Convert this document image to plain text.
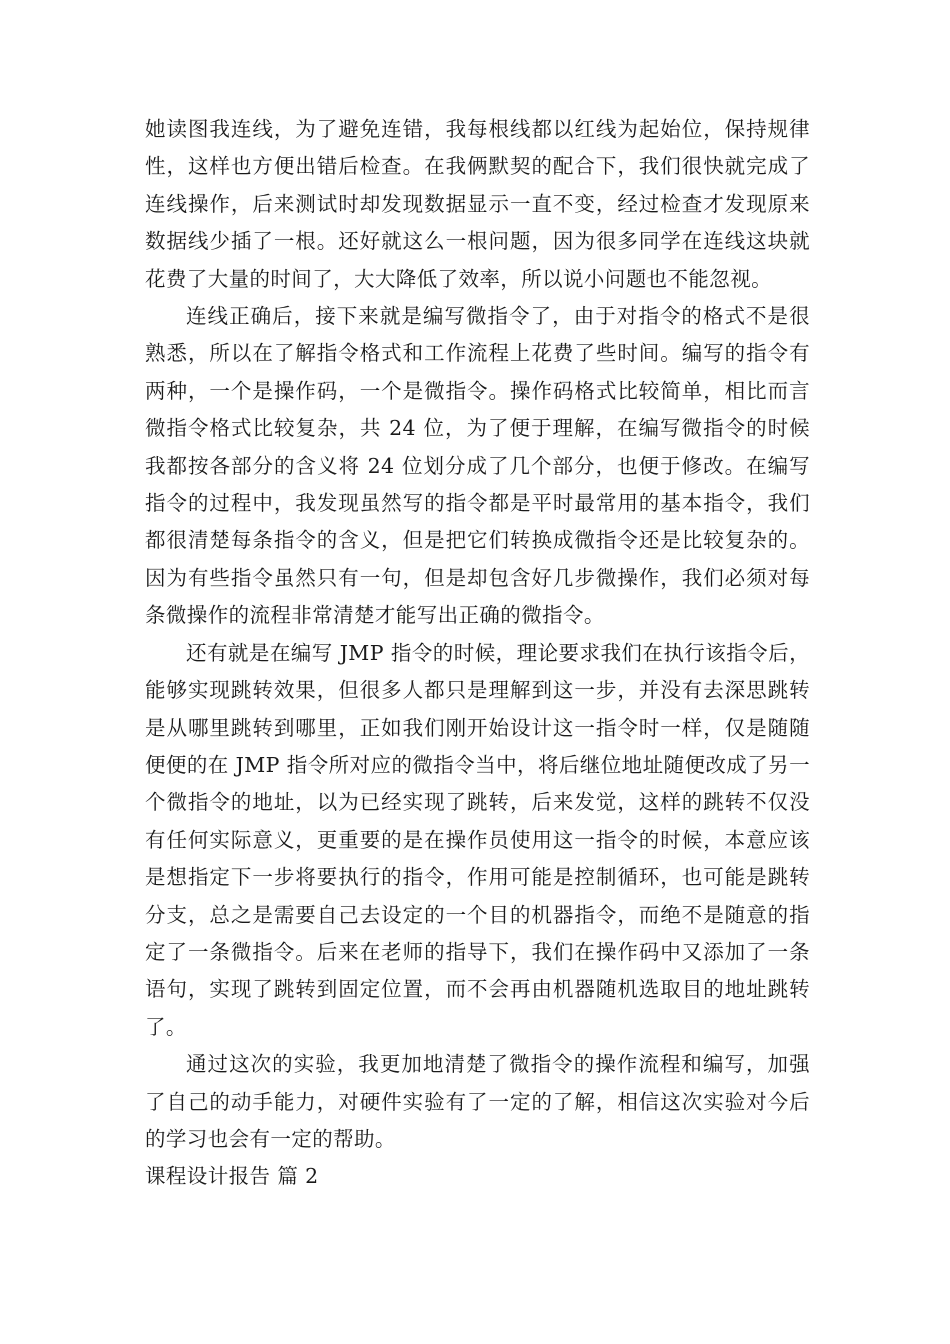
她读图我连线，为了避免连错，我每根线都以红线为起始位，保持规律性，这样也方便出错后检查。在我俩默契的配合下，我们很快就完成了连线操作，后来测试时却发现数据显示一直不变，经过检查才发现原来数据线少插了一根。还好就这么一根问题，因为很多同学在连线这块就花费了大量的时间了，大大降低了效率，所以说小问题也不能忽视。

连线正确后，接下来就是编写微指令了，由于对指令的格式不是很熟悉，所以在了解指令格式和工作流程上花费了些时间。编写的指令有两种，一个是操作码，一个是微指令。操作码格式比较简单，相比而言微指令格式比较复杂，共 24 位，为了便于理解，在编写微指令的时候我都按各部分的含义将 24 位划分成了几个部分，也便于修改。在编写指令的过程中，我发现虽然写的指令都是平时最常用的基本指令，我们都很清楚每条指令的含义，但是把它们转换成微指令还是比较复杂的。因为有些指令虽然只有一句，但是却包含好几步微操作，我们必须对每条微操作的流程非常清楚才能写出正确的微指令。

还有就是在编写 JMP 指令的时候，理论要求我们在执行该指令后，能够实现跳转效果，但很多人都只是理解到这一步，并没有去深思跳转是从哪里跳转到哪里，正如我们刚开始设计这一指令时一样，仅是随随便便的在 JMP 指令所对应的微指令当中，将后继位地址随便改成了另一个微指令的地址，以为已经实现了跳转，后来发觉，这样的跳转不仅没有任何实际意义，更重要的是在操作员使用这一指令的时候，本意应该是想指定下一步将要执行的指令，作用可能是控制循环，也可能是跳转分支，总之是需要自己去设定的一个目的机器指令，而绝不是随意的指定了一条微指令。后来在老师的指导下，我们在操作码中又添加了一条语句，实现了跳转到固定位置，而不会再由机器随机选取目的地址跳转了。

通过这次的实验，我更加地清楚了微指令的操作流程和编写，加强了自己的动手能力，对硬件实验有了一定的了解，相信这次实验对今后的学习也会有一定的帮助。

课程设计报告 篇 2
